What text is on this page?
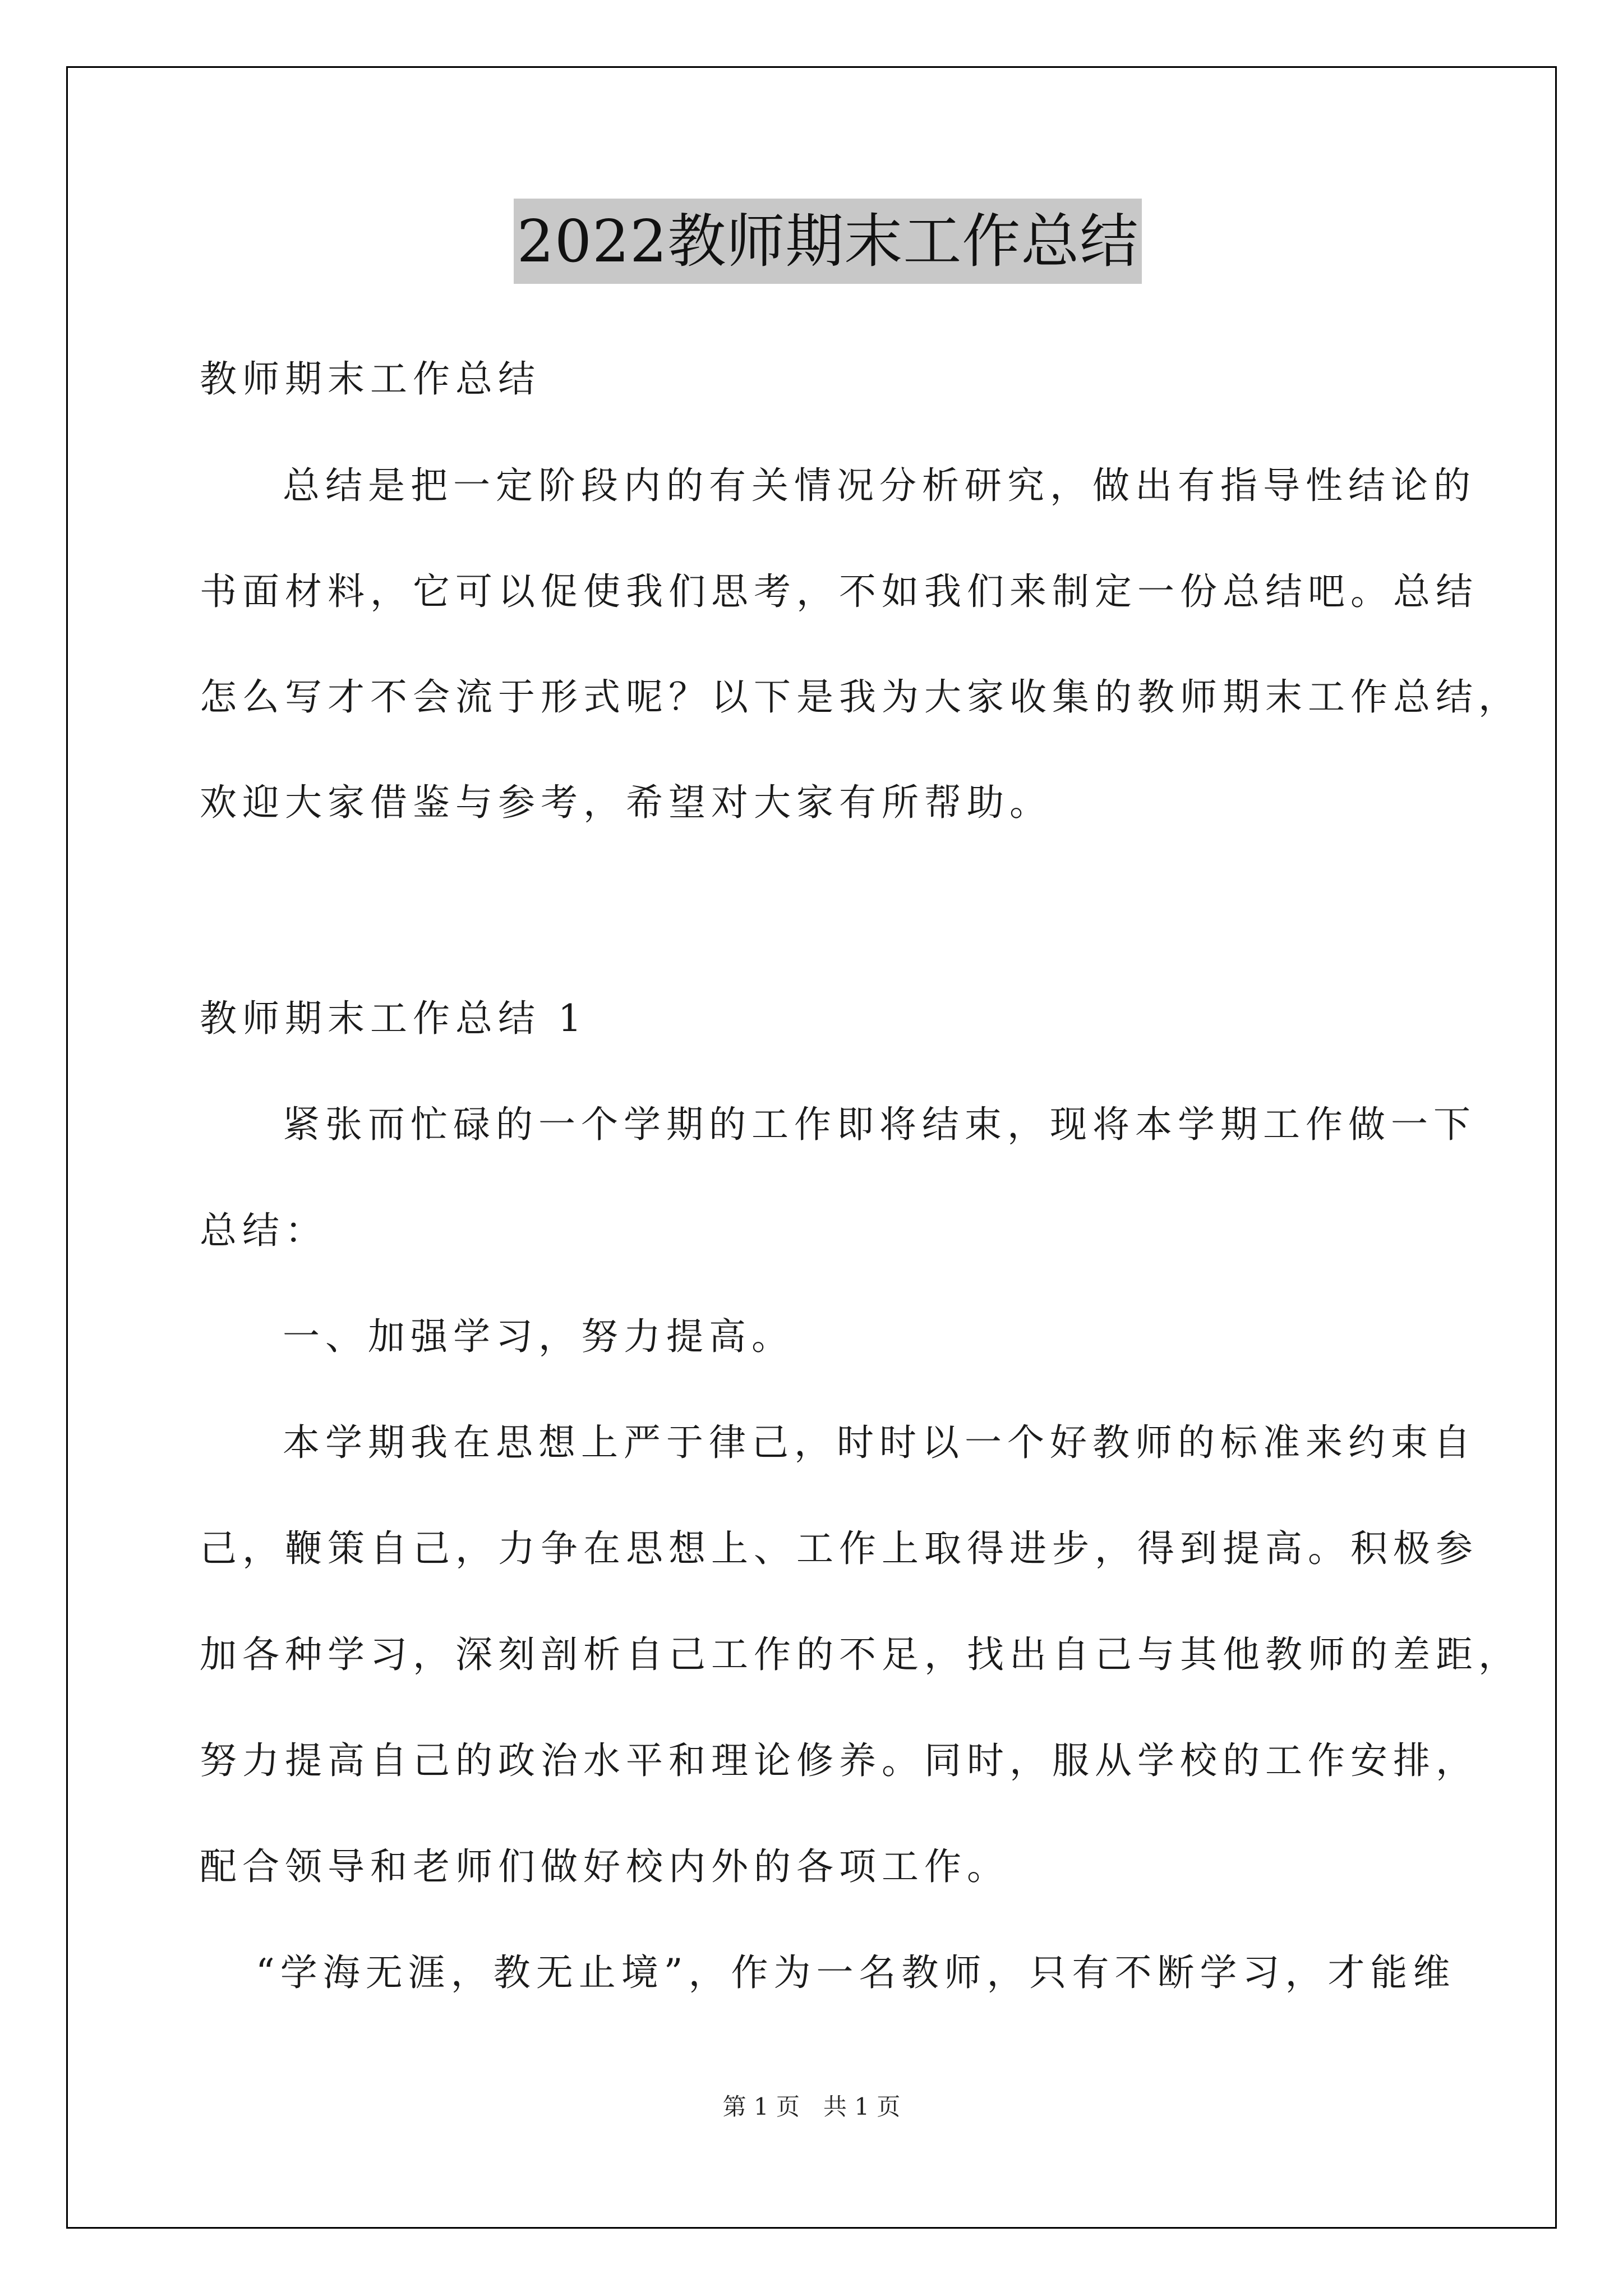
2022教师期末工作总结
教师期末工作总结
总结是把一定阶段内的有关情况分析研究，做出有指导性结论的
书面材料，它可以促使我们思考，不如我们来制定一份总结吧。总结
怎么写才不会流于形式呢？以下是我为大家收集的教师期末工作总结，
欢迎大家借鉴与参考，希望对大家有所帮助。
教师期末工作总结 1
紧张而忙碌的一个学期的工作即将结束，现将本学期工作做一下
总结：
一、加强学习，努力提高。
本学期我在思想上严于律己，时时以一个好教师的标准来约束自
己，鞭策自己，力争在思想上、工作上取得进步，得到提高。积极参
加各种学习，深刻剖析自己工作的不足，找出自己与其他教师的差距，
努力提高自己的政治水平和理论修养。同时，服从学校的工作安排，
配合领导和老师们做好校内外的各项工作。
“学海无涯，教无止境”，作为一名教师，只有不断学习，才能维
第 1 页　共 1 页
